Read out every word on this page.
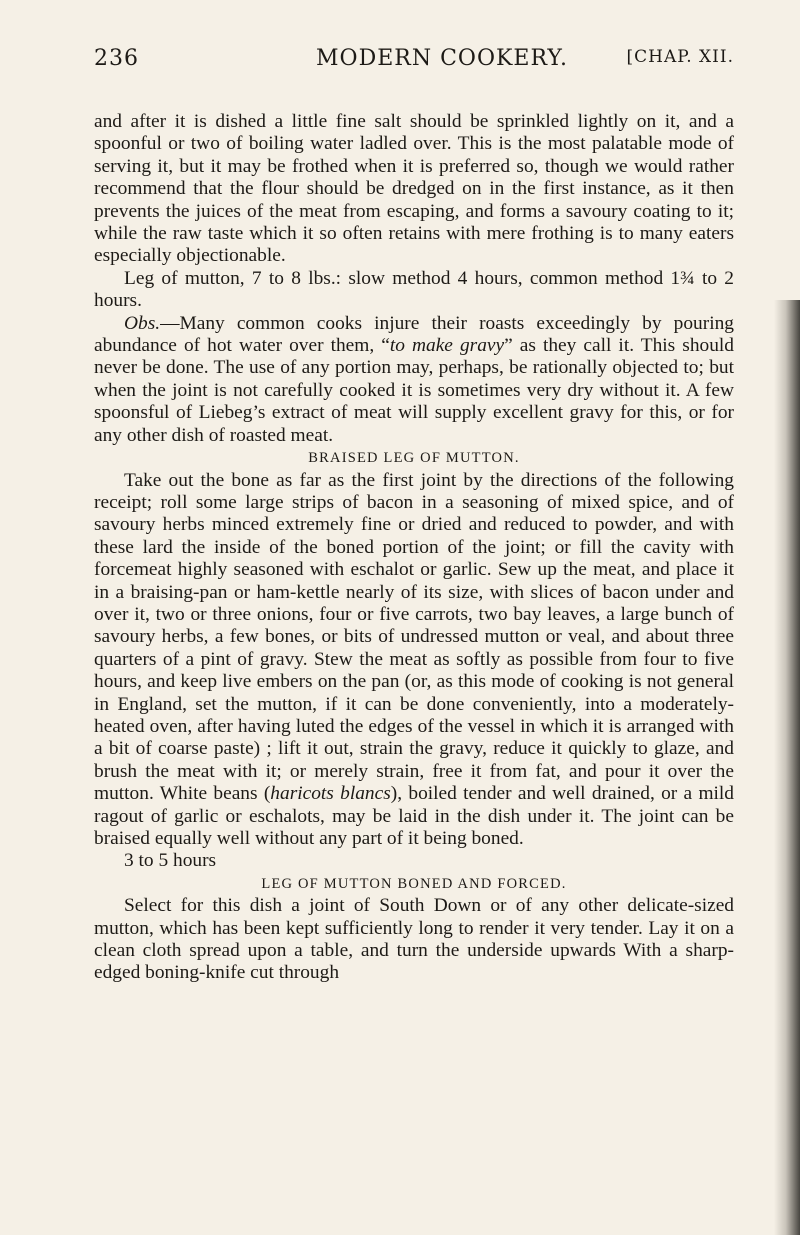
236	MODERN COOKERY.	[CHAP. XII.

and after it is dished a little fine salt should be sprinkled lightly on it, and a spoonful or two of boiling water ladled over. This is the most palatable mode of serving it, but it may be frothed when it is preferred so, though we would rather recommend that the flour should be dredged on in the first instance, as it then prevents the juices of the meat from escaping, and forms a savoury coating to it; while the raw taste which it so often retains with mere frothing is to many eaters especially objectionable.

Leg of mutton, 7 to 8 lbs.: slow method 4 hours, common method 1¾ to 2 hours.

Obs.—Many common cooks injure their roasts exceedingly by pouring abundance of hot water over them, “to make gravy” as they call it. This should never be done. The use of any portion may, perhaps, be rationally objected to; but when the joint is not carefully cooked it is sometimes very dry without it. A few spoonsful of Liebeg’s extract of meat will supply excellent gravy for this, or for any other dish of roasted meat.

BRAISED LEG OF MUTTON.

Take out the bone as far as the first joint by the directions of the following receipt; roll some large strips of bacon in a seasoning of mixed spice, and of savoury herbs minced extremely fine or dried and reduced to powder, and with these lard the inside of the boned portion of the joint; or fill the cavity with forcemeat highly seasoned with eschalot or garlic. Sew up the meat, and place it in a braising-pan or ham-kettle nearly of its size, with slices of bacon under and over it, two or three onions, four or five carrots, two bay leaves, a large bunch of savoury herbs, a few bones, or bits of undressed mutton or veal, and about three quarters of a pint of gravy. Stew the meat as softly as possible from four to five hours, and keep live embers on the pan (or, as this mode of cooking is not general in England, set the mutton, if it can be done conveniently, into a moderately-heated oven, after having luted the edges of the vessel in which it is arranged with a bit of coarse paste) ; lift it out, strain the gravy, reduce it quickly to glaze, and brush the meat with it; or merely strain, free it from fat, and pour it over the mutton. White beans (haricots blancs), boiled tender and well drained, or a mild ragout of garlic or eschalots, may be laid in the dish under it. The joint can be braised equally well without any part of it being boned.

3 to 5 hours

LEG OF MUTTON BONED AND FORCED.

Select for this dish a joint of South Down or of any other delicate-sized mutton, which has been kept sufficiently long to render it very tender. Lay it on a clean cloth spread upon a table, and turn the underside upwards With a sharp-edged boning-knife cut through
